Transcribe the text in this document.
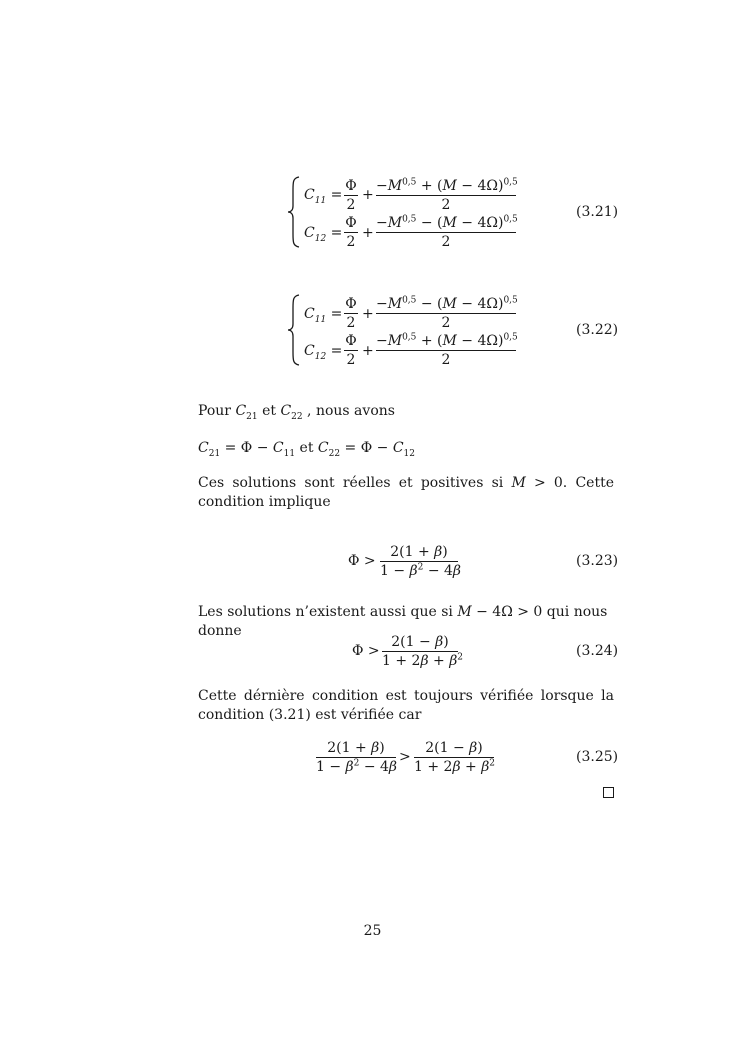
$C_{11}$ =
Φ
2
+
$-M^{0,5} + (M - 4\Omega)^{0,5}$
2
$C_{12}$ =
Φ
2
+
$-M^{0,5} - (M - 4\Omega)^{0,5}$
2
(3.21)
$C_{11}$ =
Φ
2
+
$-M^{0,5} - (M - 4\Omega)^{0,5}$
2
$C_{12}$ =
Φ
2
+
$-M^{0,5} + (M - 4\Omega)^{0,5}$
2
(3.22)
Pour $C_{21}$ et $C_{22}$ , nous avons
$C_{21} = \Phi - C_{11}$ et $C_{22} = \Phi - C_{12}$
Ces solutions sont réelles et positives si M > 0. Cette condition implique
Φ >
2(1 + β)
$1 - \beta^2 - 4\beta$
(3.23)
Les solutions n’existent aussi que si M − 4Ω > 0 qui nous donne
Φ >
2(1 − β)
$1 + 2\beta + \beta^2$	(3.24)
Cette dérnière condition est toujours vérifiée lorsque la condition (3.21) est vérifiée car
2(1 + β)
$1 - \beta^2 - 4\beta$
>
2(1 − β)
$1 + 2\beta + \beta^2$	(3.25)
25
